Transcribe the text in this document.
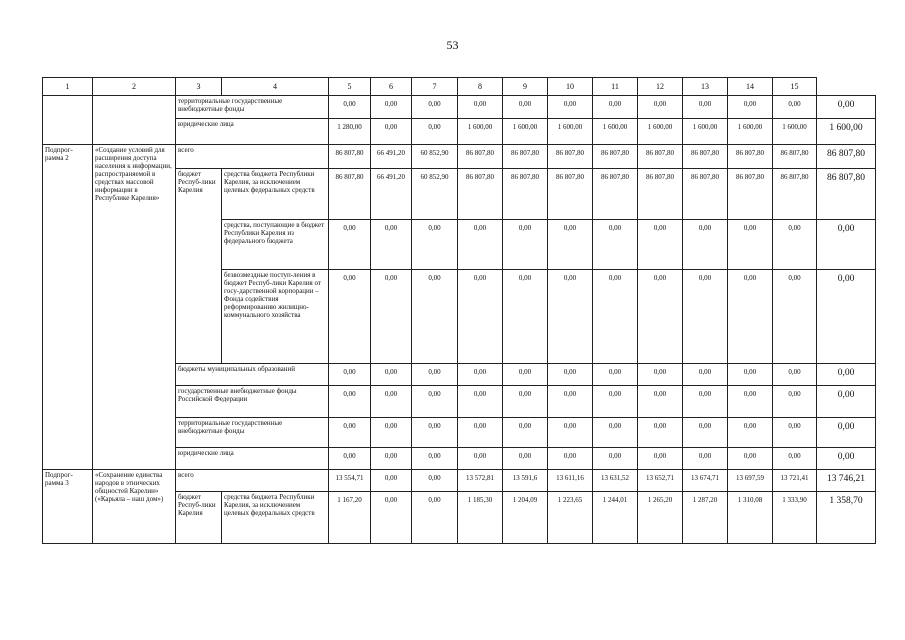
53
1	2	3	4	5	6	7	8	9	10	11	12	13	14	15	
		территориальные государственные внебюджетные фонды		0,00	0,00	0,00	0,00	0,00	0,00	0,00	0,00	0,00	0,00	0,00	0,00
		юридические лица		1 280,00	0,00	0,00	1 600,00	1 600,00	1 600,00	1 600,00	1 600,00	1 600,00	1 600,00	1 600,00	1 600,00
Подпрог-рамма 2	«Создание условий для расширения доступа населения к информации, распространяемой в средствах массовой информации в Республике Карелия»	всего		86 807,80	66 491,20	60 852,90	86 807,80	86 807,80	86 807,80	86 807,80	86 807,80	86 807,80	86 807,80	86 807,80	86 807,80
		бюджет Респуб-лики Карелия	средства бюджета Республики Карелия, за исключением целевых федеральных средств	86 807,80	66 491,20	60 852,90	86 807,80	86 807,80	86 807,80	86 807,80	86 807,80	86 807,80	86 807,80	86 807,80	86 807,80
			средства, поступающие в бюджет Республики Карелия из федерального бюджета	0,00	0,00	0,00	0,00	0,00	0,00	0,00	0,00	0,00	0,00	0,00	0,00
			безвозмездные поступ-ления в бюджет Респуб-лики Карелия от госу-дарственной корпорации – Фонда содействия реформированию жилищно-коммунального хозяйства	0,00	0,00	0,00	0,00	0,00	0,00	0,00	0,00	0,00	0,00	0,00	0,00
		бюджеты муниципальных образований		0,00	0,00	0,00	0,00	0,00	0,00	0,00	0,00	0,00	0,00	0,00	0,00
		государственные внебюджетные фонды Российской Федерации		0,00	0,00	0,00	0,00	0,00	0,00	0,00	0,00	0,00	0,00	0,00	0,00
		территориальные государственные внебюджетные фонды		0,00	0,00	0,00	0,00	0,00	0,00	0,00	0,00	0,00	0,00	0,00	0,00
		юридические лица		0,00	0,00	0,00	0,00	0,00	0,00	0,00	0,00	0,00	0,00	0,00	0,00
Подпрог-рамма 3	«Сохранение единства народов в этнических общностей Карелии» («Карьяла – наш дом»)	всего		13 554,71	0,00	0,00	13 572,81	13 591,6	13 611,16	13 631,52	13 652,71	13 674,71	13 697,59	13 721,41	13 746,21
		бюджет Респуб-лики Карелия	средства бюджета Республики Карелия, за исключением целевых федеральных средств	1 167,20	0,00	0,00	1 185,30	1 204,09	1 223,65	1 244,01	1 265,20	1 287,20	1 310,08	1 333,90	1 358,70
